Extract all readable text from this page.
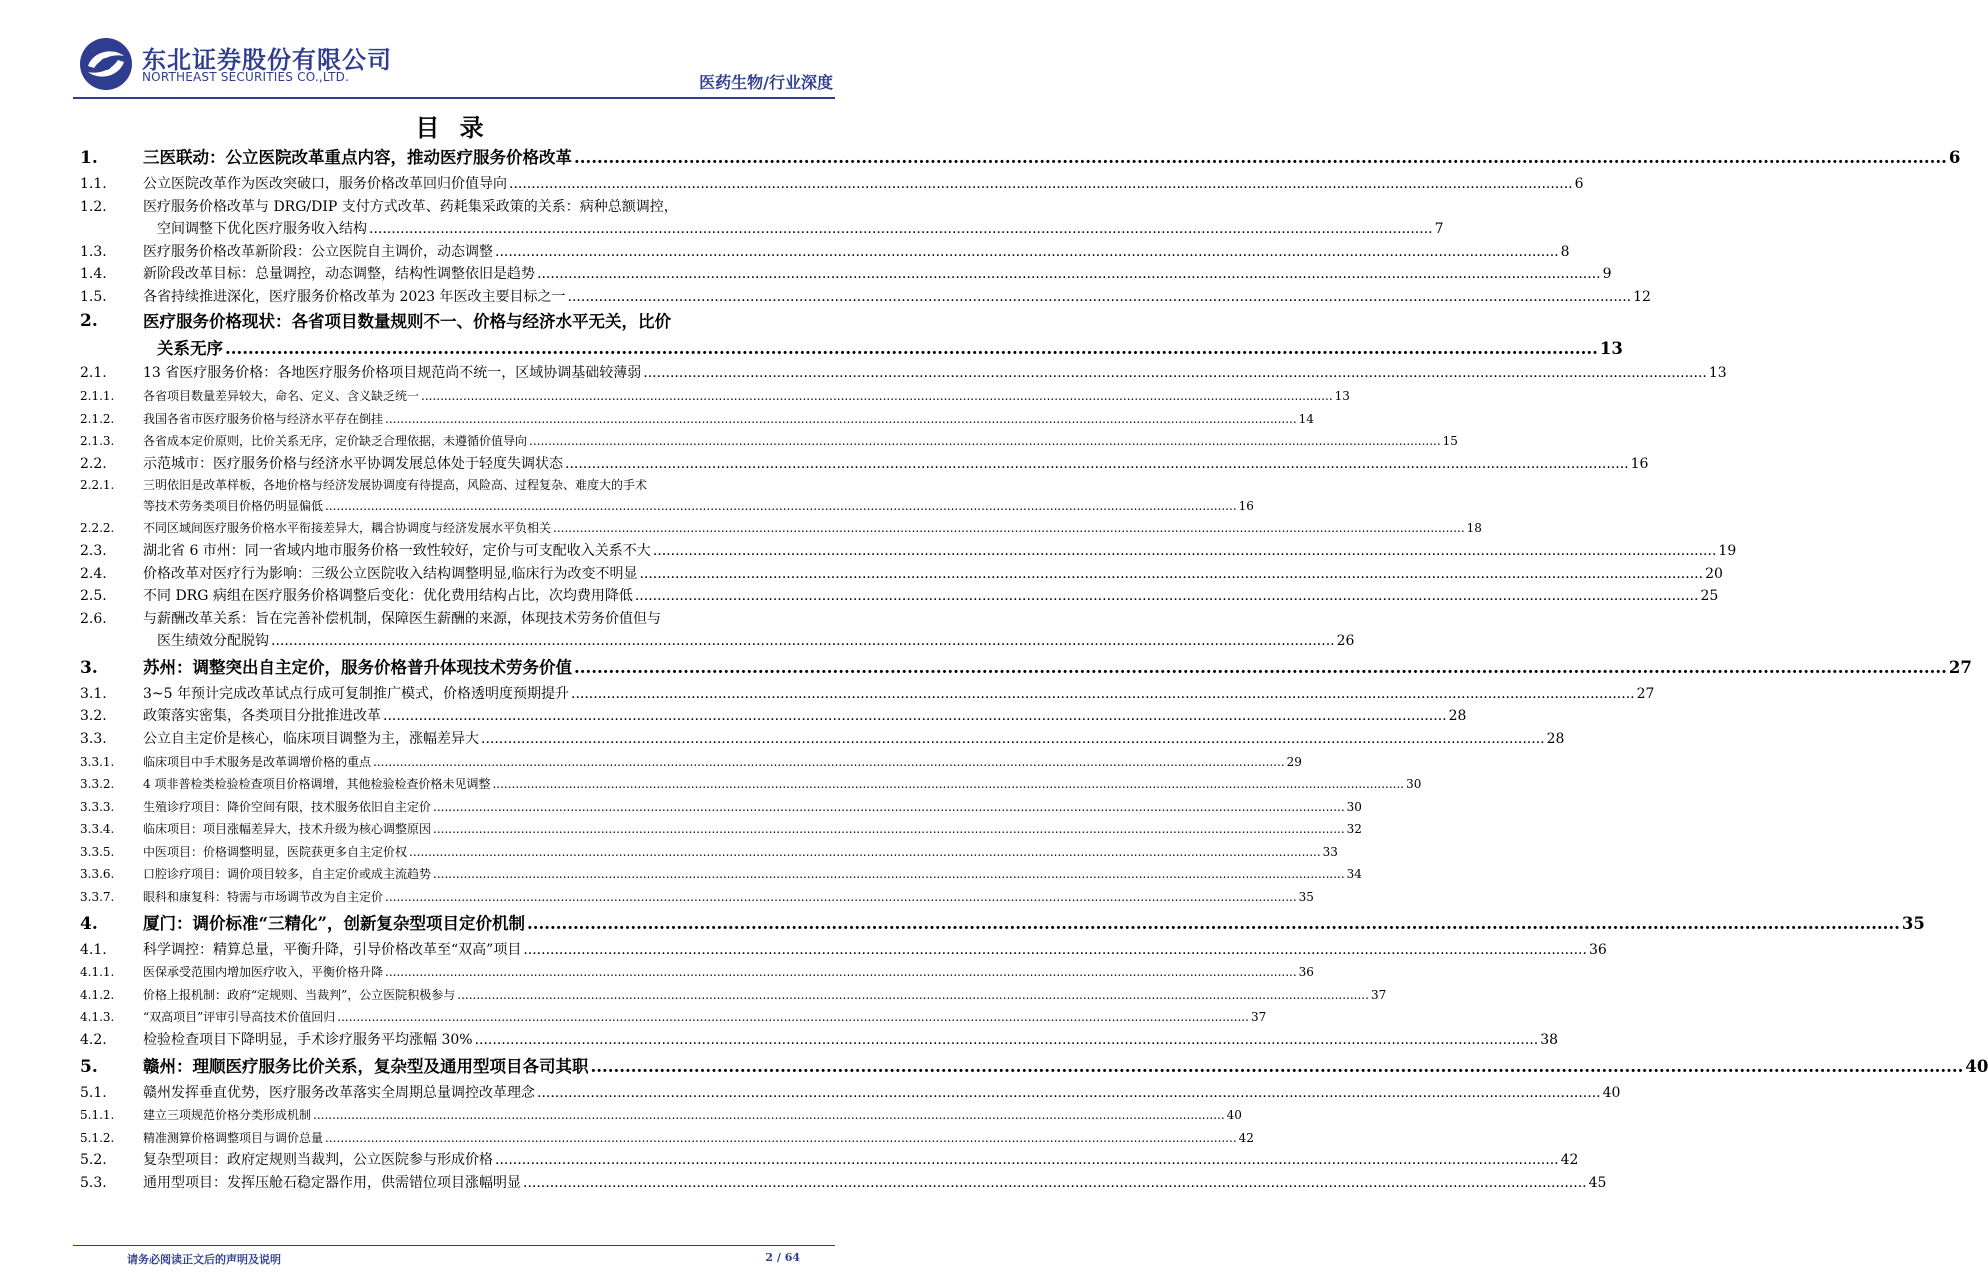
东北证券股份有限公司
NORTHEAST SECURITIES CO.,LTD.	医药生物/行业深度
目 录
1.	三医联动：公立医院改革重点内容，推动医疗服务价格改革 .....	6
1.1.	公立医院改革作为医改突破口，服务价格改革回归价值导向 .....	6
1.2.	医疗服务价格改革与 DRG/DIP 支付方式改革、药耗集采政策的关系：病种总额调控，
空间调整下优化医疗服务收入结构 .....	7
1.3.	医疗服务价格改革新阶段：公立医院自主调价，动态调整 .....	8
1.4.	新阶段改革目标：总量调控，动态调整，结构性调整依旧是趋势 .....	9
1.5.	各省持续推进深化，医疗服务价格改革为 2023 年医改主要目标之一 .....	12
2.	医疗服务价格现状：各省项目数量规则不一、价格与经济水平无关，比价
关系无序 .....	13
2.1.	13 省医疗服务价格：各地医疗服务价格项目规范尚不统一，区域协调基础较薄弱 .....	13
2.1.1. 各省项目数量差异较大，命名、定义、含义缺乏统一 .....	13
2.1.2. 我国各省市医疗服务价格与经济水平存在倒挂 .....	14
2.1.3. 各省成本定价原则，比价关系无序，定价缺乏合理依据，未遵循价值导向 .....	15
2.2.	示范城市：医疗服务价格与经济水平协调发展总体处于轻度失调状态 .....	16
2.2.1. 三明依旧是改革样板，各地价格与经济发展协调度有待提高，风险高、过程复杂、难度大的手术
等技术劳务类项目价格仍明显偏低 .....	16
2.2.2. 不同区域间医疗服务价格水平衔接差异大，耦合协调度与经济发展水平负相关 .....	18
2.3.	湖北省 6 市州：同一省域内地市服务价格一致性较好，定价与可支配收入关系不大 .....	19
2.4.	价格改革对医疗行为影响：三级公立医院收入结构调整明显,临床行为改变不明显 .....	20
2.5.	不同 DRG 病组在医疗服务价格调整后变化：优化费用结构占比，次均费用降低 .....	25
2.6.	与薪酬改革关系：旨在完善补偿机制，保障医生薪酬的来源，体现技术劳务价值但与
医生绩效分配脱钩 .....	26
3.	苏州：调整突出自主定价，服务价格普升体现技术劳务价值 .....	27
3.1.	3~5 年预计完成改革试点行成可复制推广模式，价格透明度预期提升 .....	27
3.2.	政策落实密集，各类项目分批推进改革 .....	28
3.3.	公立自主定价是核心，临床项目调整为主，涨幅差异大 .....	28
3.3.1. 临床项目中手术服务是改革调增价格的重点 .....	29
3.3.2. 4 项非普检类检验检查项目价格调增，其他检验检查价格未见调整 .....	30
3.3.3. 生殖诊疗项目：降价空间有限，技术服务依旧自主定价 .....	30
3.3.4. 临床项目：项目涨幅差异大，技术升级为核心调整原因 .....	32
3.3.5. 中医项目：价格调整明显，医院获更多自主定价权 .....	33
3.3.6. 口腔诊疗项目：调价项目较多，自主定价或成主流趋势 .....	34
3.3.7. 眼科和康复科：特需与市场调节改为自主定价 .....	35
4.	厦门：调价标准“三精化”，创新复杂型项目定价机制 .....	35
4.1.	科学调控：精算总量，平衡升降，引导价格改革至“双高”项目 .....	36
4.1.1. 医保承受范围内增加医疗收入，平衡价格升降 .....	36
4.1.2. 价格上报机制：政府“定规则、当裁判”，公立医院积极参与 .....	37
4.1.3. “双高项目”评审引导高技术价值回归 .....	37
4.2.	检验检查项目下降明显，手术诊疗服务平均涨幅 30% .....	38
5.	赣州：理顺医疗服务比价关系，复杂型及通用型项目各司其职 .....	40
5.1.	赣州发挥垂直优势，医疗服务改革落实全周期总量调控改革理念 .....	40
5.1.1. 建立三项规范价格分类形成机制 .....	40
5.1.2. 精准测算价格调整项目与调价总量 .....	42
5.2.	复杂型项目：政府定规则当裁判，公立医院参与形成价格 .....	42
5.3.	通用型项目：发挥压舱石稳定器作用，供需错位项目涨幅明显 .....	45
请务必阅读正文后的声明及说明	2 / 64
